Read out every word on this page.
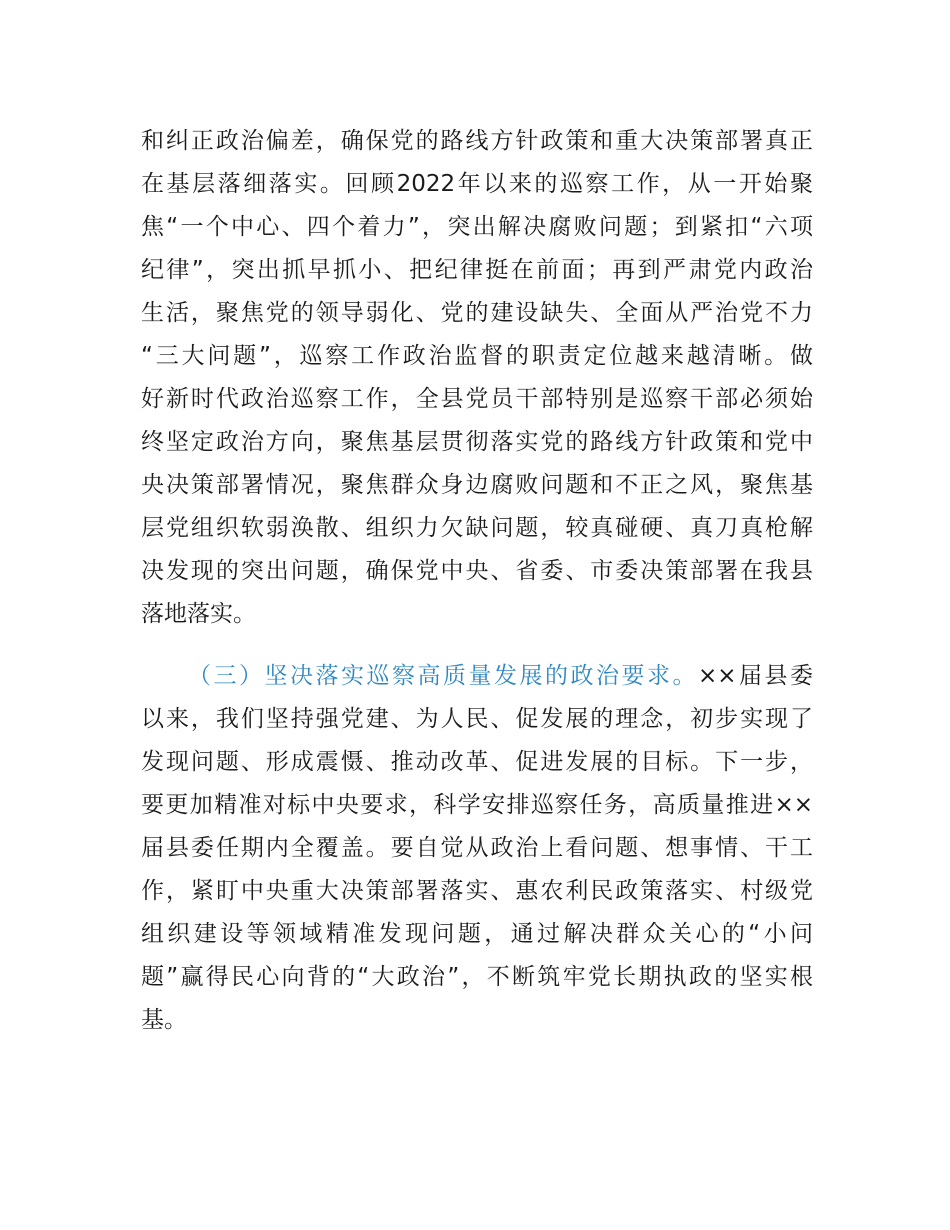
和纠正政治偏差，确保党的路线方针政策和重大决策部署真正
在基层落细落实。回顾2022年以来的巡察工作，从一开始聚
焦“一个中心、四个着力”，突出解决腐败问题；到紧扣“六项
纪律”，突出抓早抓小、把纪律挺在前面；再到严肃党内政治
生活，聚焦党的领导弱化、党的建设缺失、全面从严治党不力
“三大问题”，巡察工作政治监督的职责定位越来越清晰。做
好新时代政治巡察工作，全县党员干部特别是巡察干部必须始
终坚定政治方向，聚焦基层贯彻落实党的路线方针政策和党中
央决策部署情况，聚焦群众身边腐败问题和不正之风，聚焦基
层党组织软弱涣散、组织力欠缺问题，较真碰硬、真刀真枪解
决发现的突出问题，确保党中央、省委、市委决策部署在我县
落地落实。
（三）坚决落实巡察高质量发展的政治要求。××届县委
以来，我们坚持强党建、为人民、促发展的理念，初步实现了
发现问题、形成震慑、推动改革、促进发展的目标。下一步，
要更加精准对标中央要求，科学安排巡察任务，高质量推进××
届县委任期内全覆盖。要自觉从政治上看问题、想事情、干工
作，紧盯中央重大决策部署落实、惠农利民政策落实、村级党
组织建设等领域精准发现问题，通过解决群众关心的“小问
题”赢得民心向背的“大政治”，不断筑牢党长期执政的坚实根
基。
